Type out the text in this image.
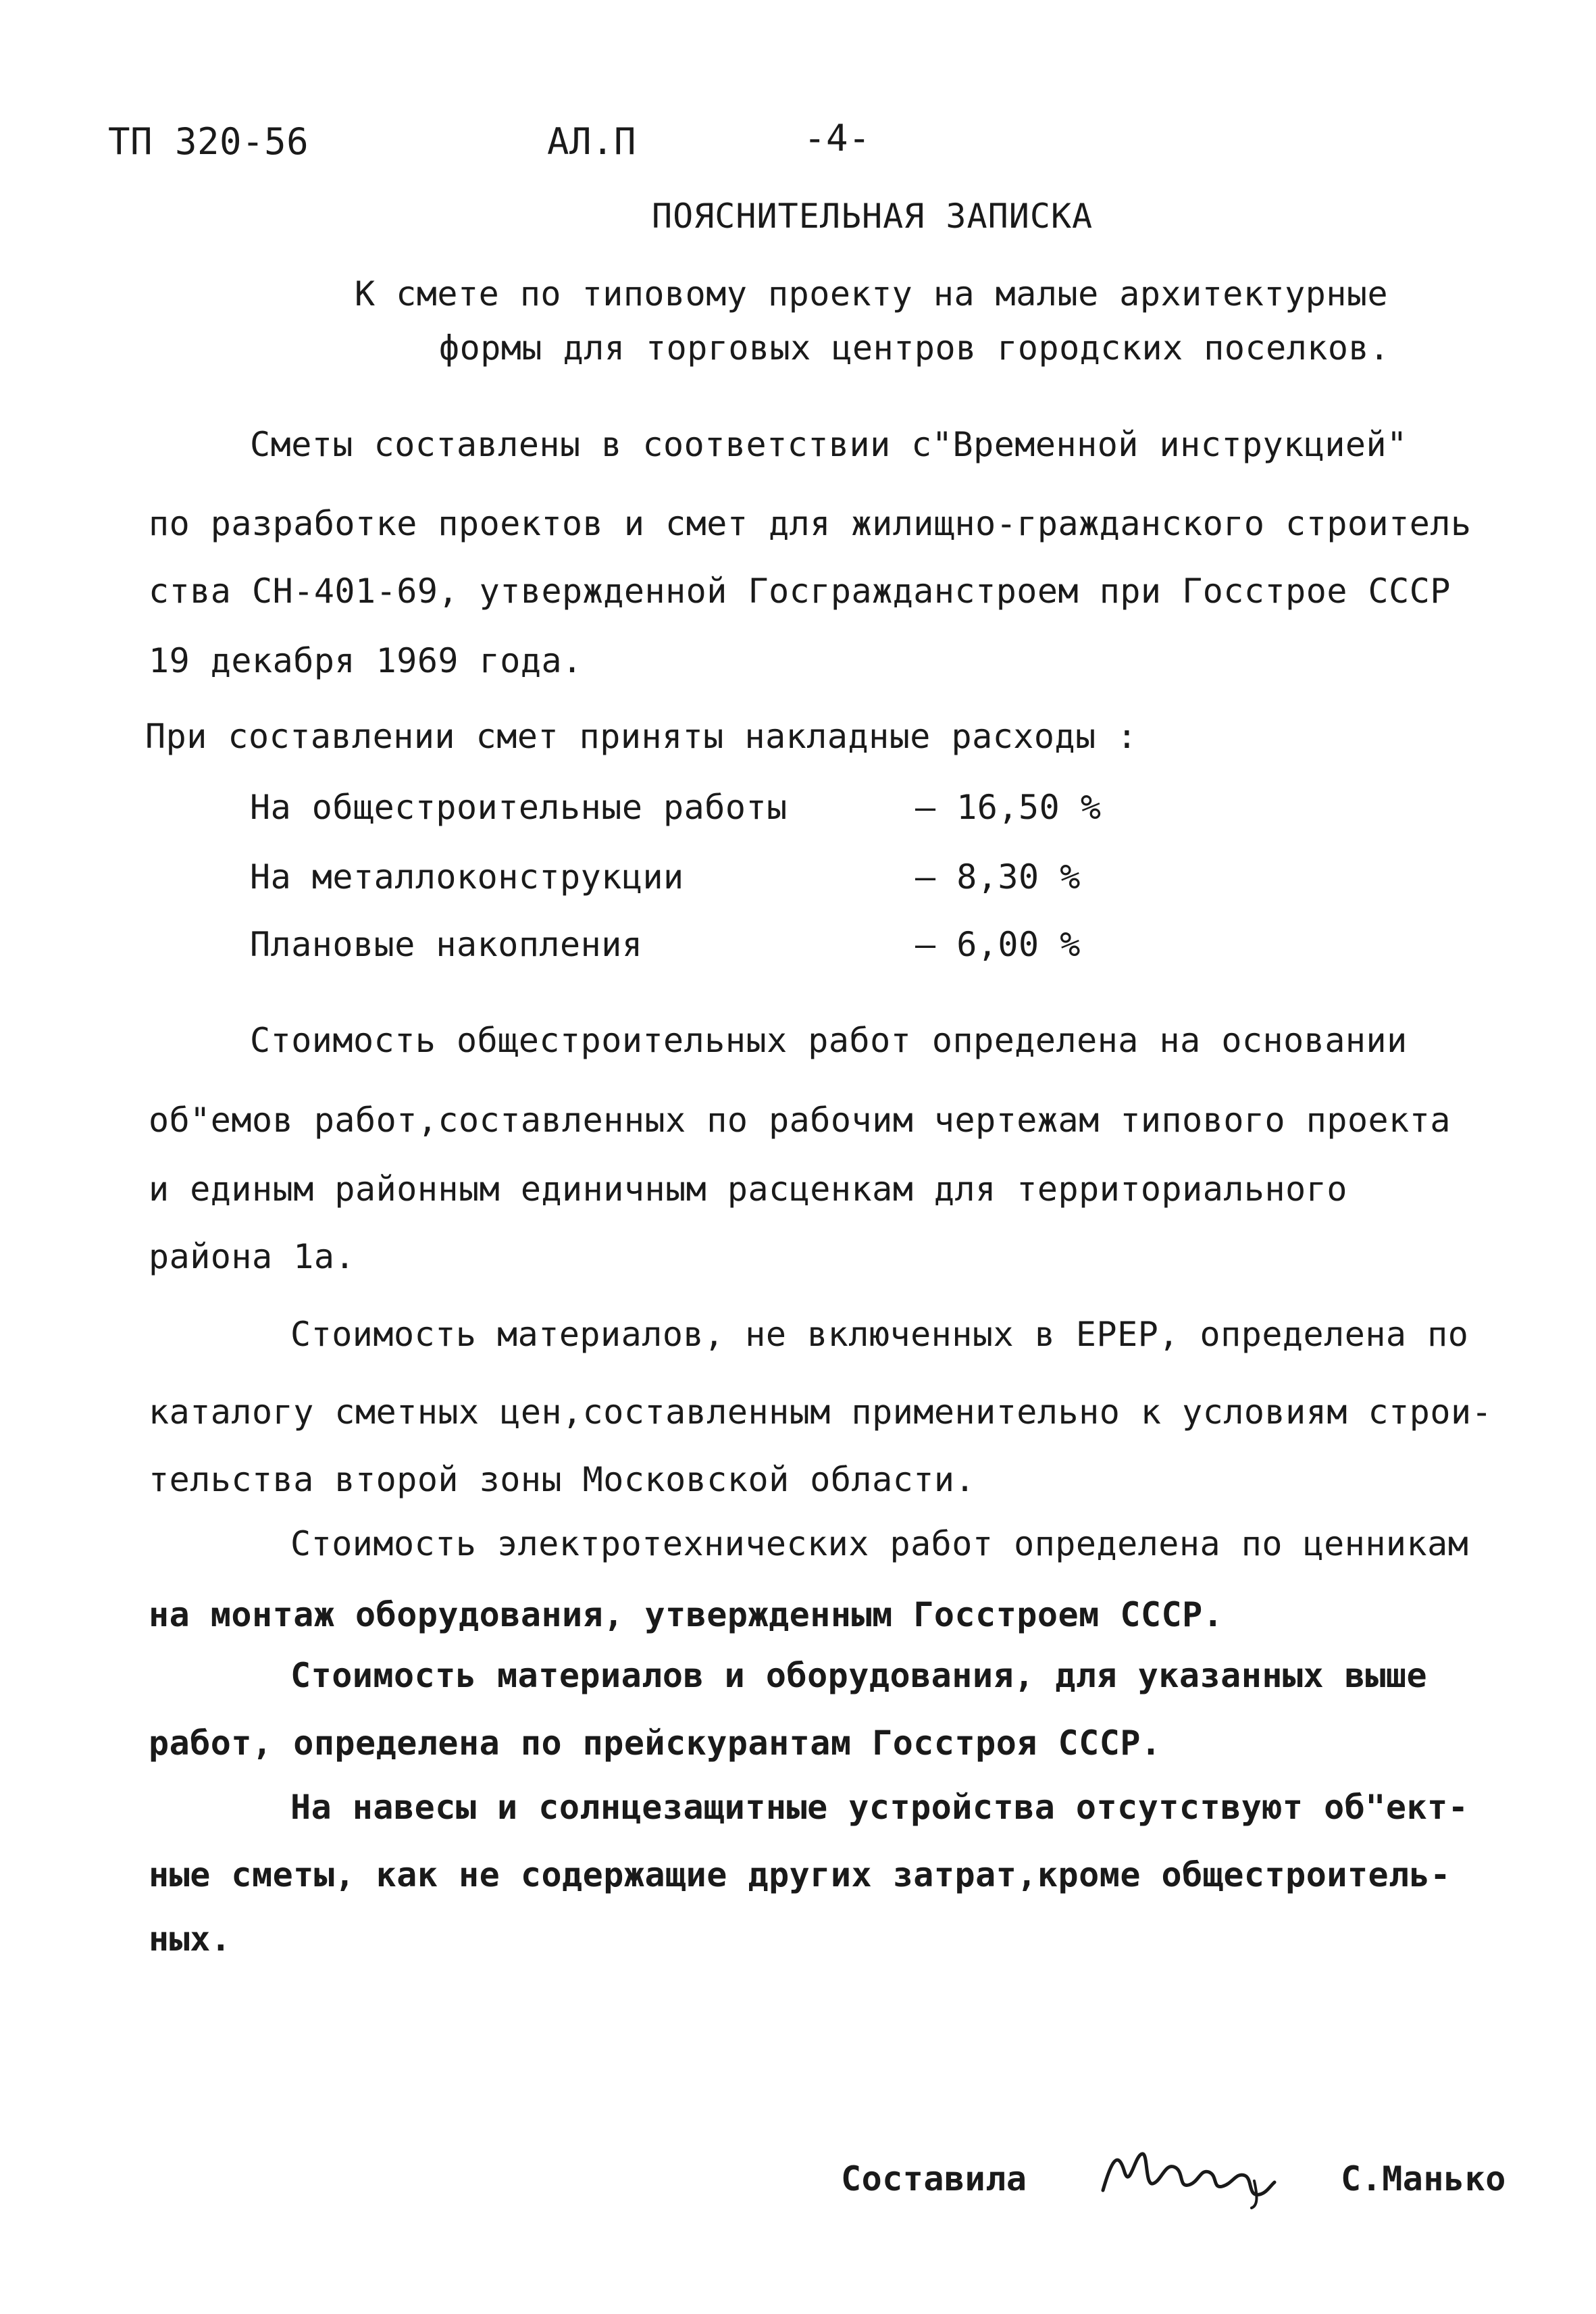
ТП 320-56	АЛ.П	-4-
ПОЯСНИТЕЛЬНАЯ ЗАПИСКА
К смете по типовому проекту на малые архитектурные
формы для торговых центров городских поселков.
Сметы составлены в соответствии с"Временной инструкцией"
по разработке проектов и смет для жилищно-гражданского строитель
ства СН-401-69, утвержденной Госгражданстроем при Госстрое СССР
19 декабря 1969 года.
При составлении смет приняты накладные расходы :
На общестроительные работы	– 16,50 %
На металлоконструкции	– 8,30 %
Плановые накопления	– 6,00 %
Стоимость общестроительных работ определена на основании
об"емов работ,составленных по рабочим чертежам типового проекта
и единым районным единичным расценкам для территориального
района 1а.
Стоимость материалов, не включенных в ЕРЕР, определена по
каталогу сметных цен,составленным применительно к условиям строи-
тельства второй зоны Московской области.
Стоимость электротехнических работ определена по ценникам
на монтаж оборудования, утвержденным Госстроем СССР.
Стоимость материалов и оборудования, для указанных выше
работ, определена по прейскурантам Госстроя СССР.
На навесы и солнцезащитные устройства отсутствуют об"ект-
ные сметы, как не содержащие других затрат,кроме общестроитель-
ных.
Составила	С.Манько
